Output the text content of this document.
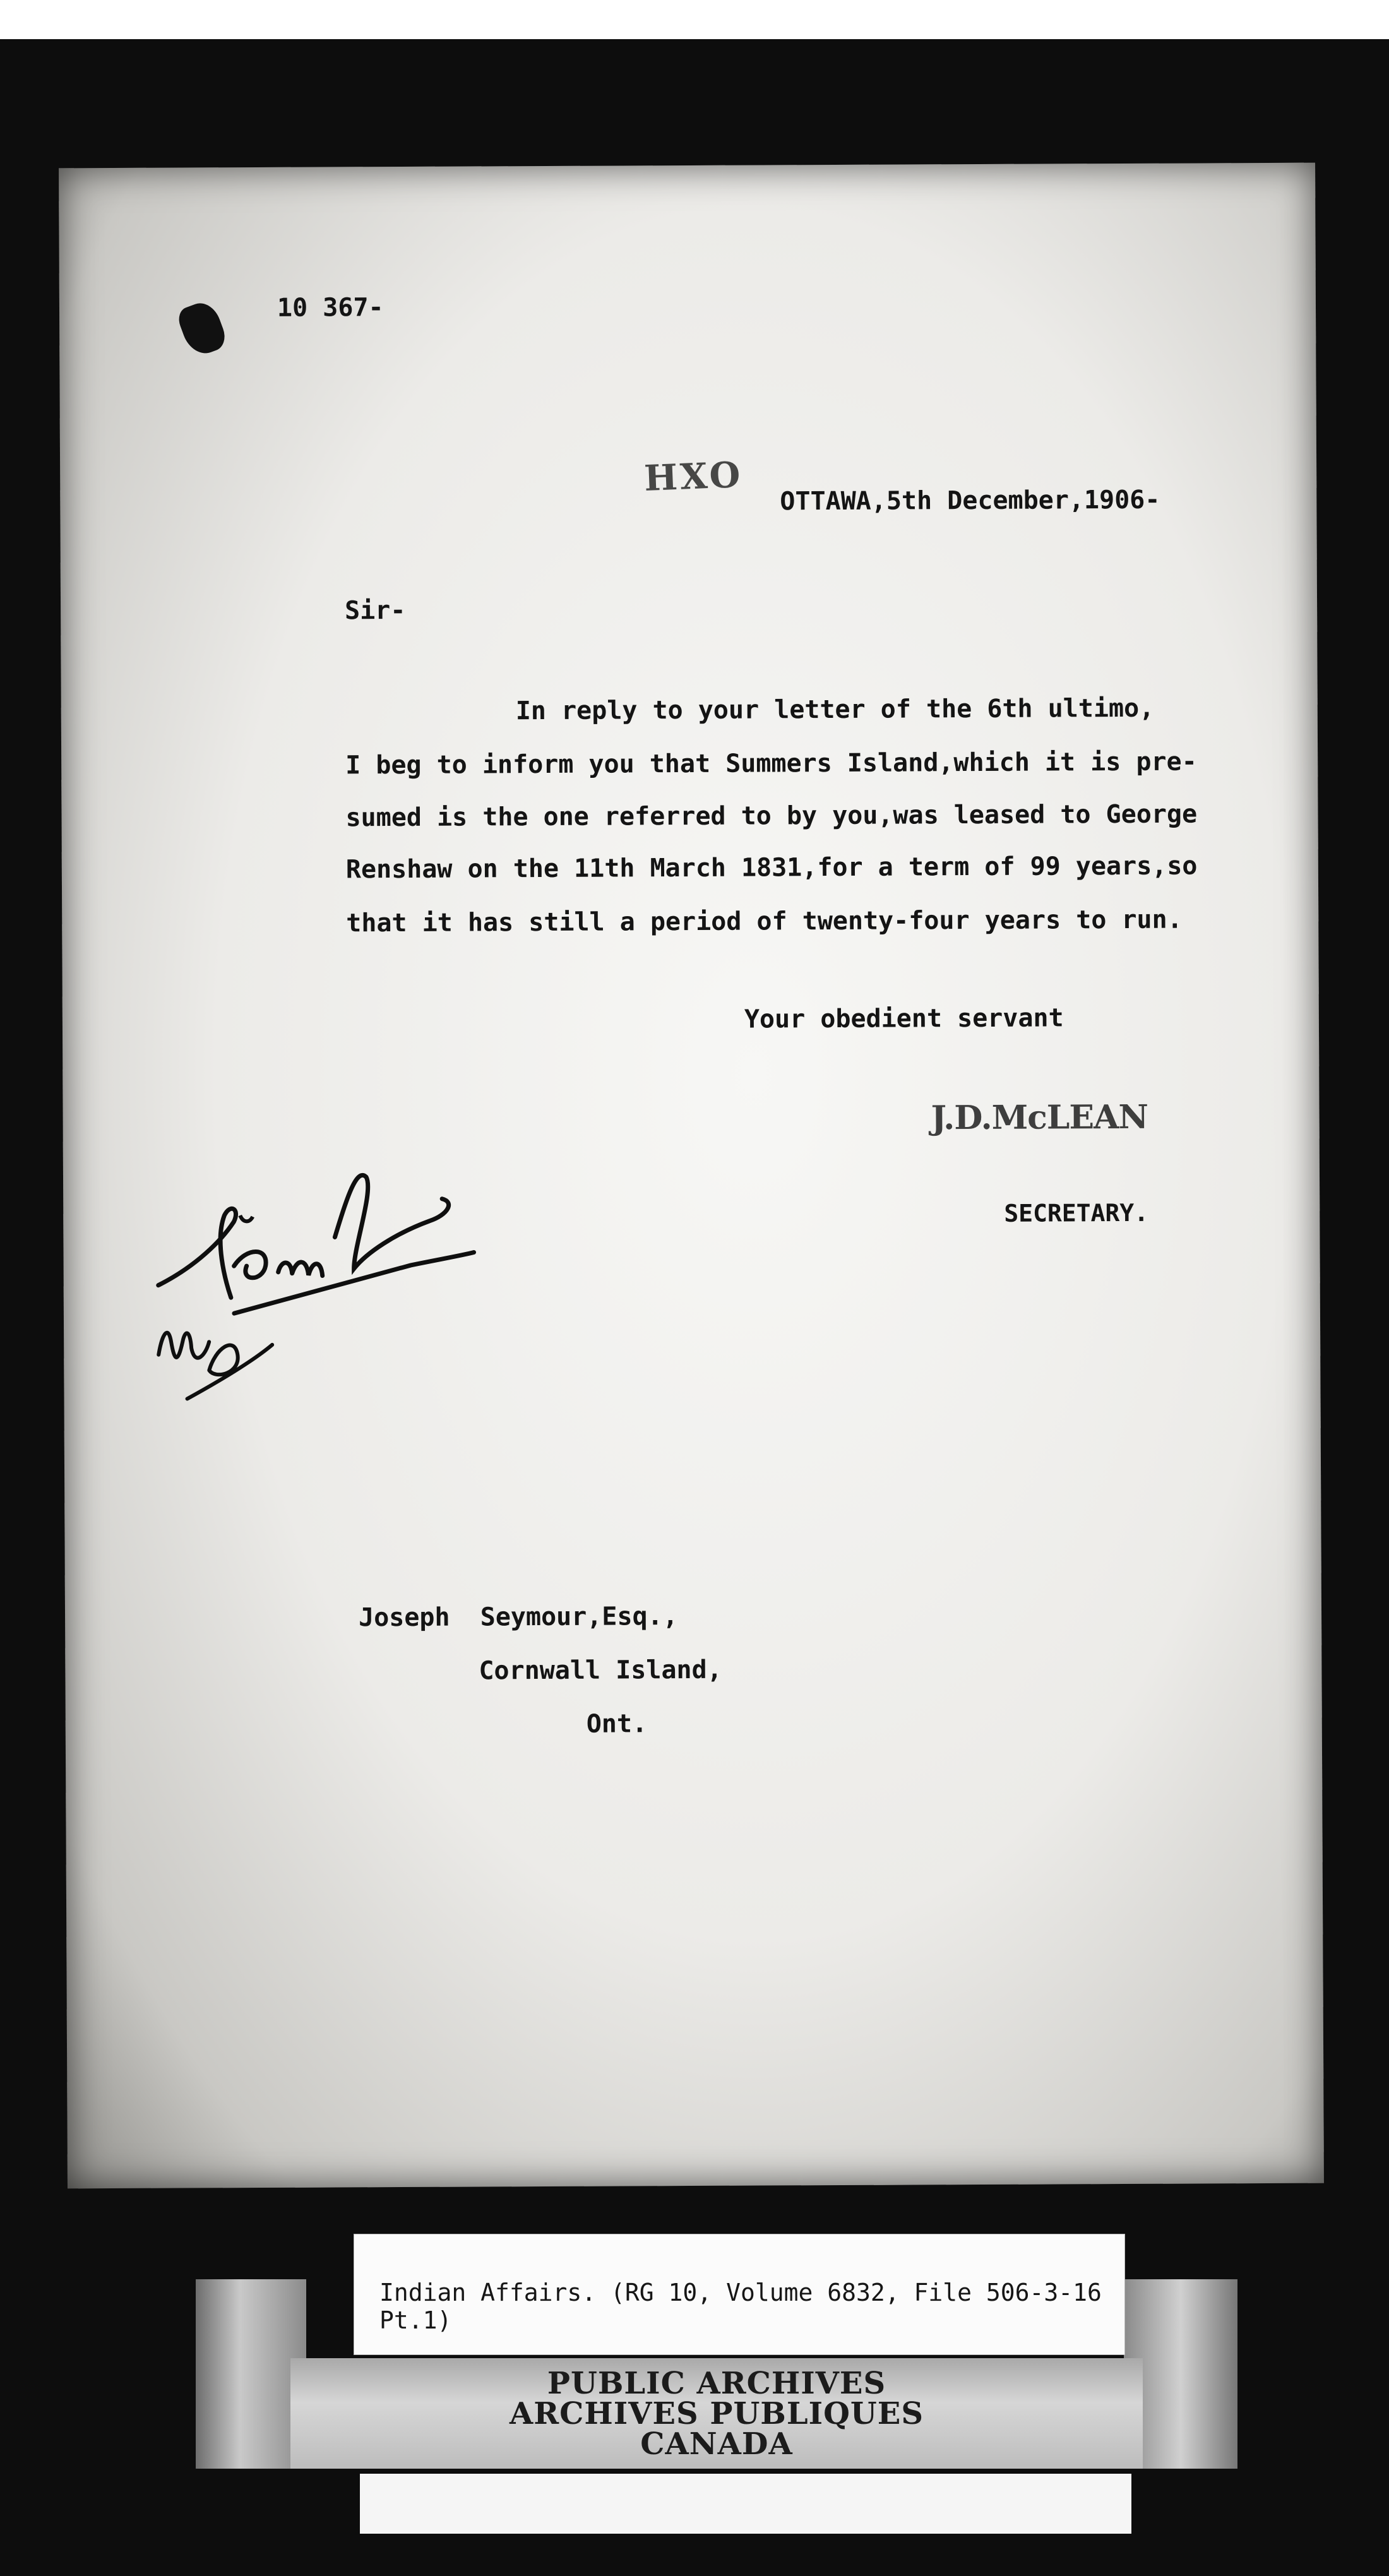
10 367-
HXO
OTTAWA,5th December,1906-
Sir-
In reply to your letter of the 6th ultimo,
I beg to inform you that Summers Island,which it is pre-
sumed is the one referred to by you,was leased to George
Renshaw on the 11th March 1831,for a term of 99 years,so
that it has still a period of twenty-four years to run.
Your obedient servant
J.D.McLEAN
SECRETARY.
Joseph  Seymour,Esq.,
Cornwall Island,
Ont.
Indian Affairs. (RG 10, Volume 6832, File 506-3-16 Pt.1)
PUBLIC ARCHIVES
ARCHIVES PUBLIQUES
CANADA
